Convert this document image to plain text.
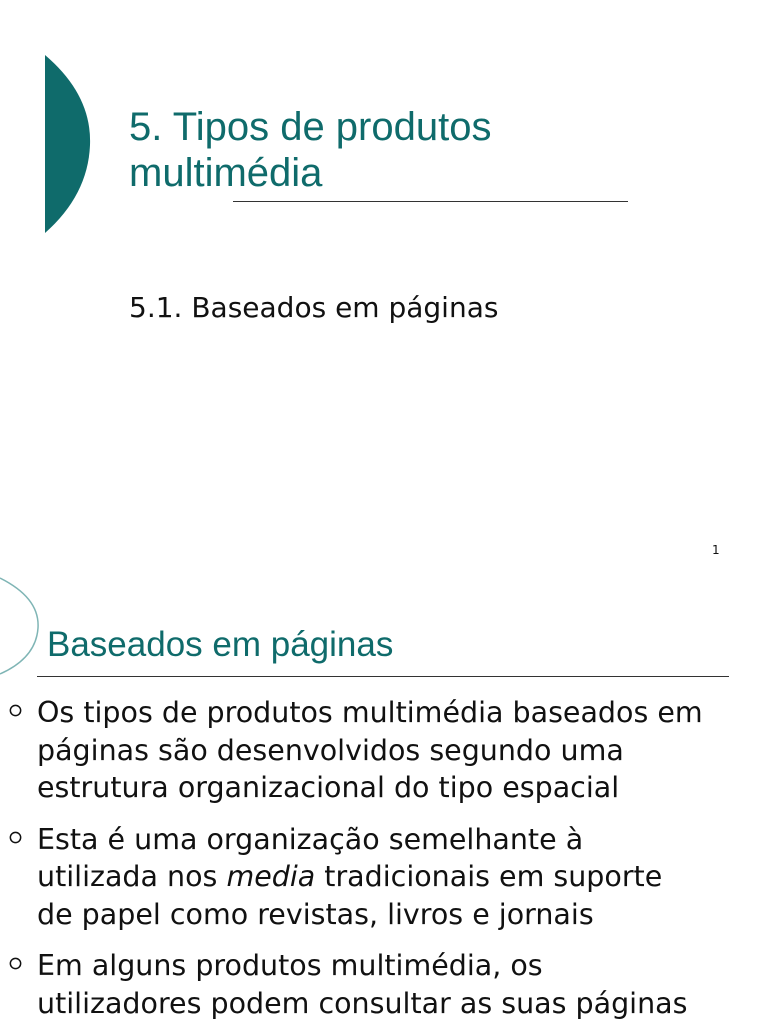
5. Tipos de produtos
multimédia
5.1. Baseados em páginas
1
Baseados em páginas
Os tipos de produtos multimédia baseados em
páginas são desenvolvidos segundo uma
estrutura organizacional do tipo espacial
Esta é uma organização semelhante à
utilizada nos media tradicionais em suporte
de papel como revistas, livros e jornais
Em alguns produtos multimédia, os
utilizadores podem consultar as suas páginas
